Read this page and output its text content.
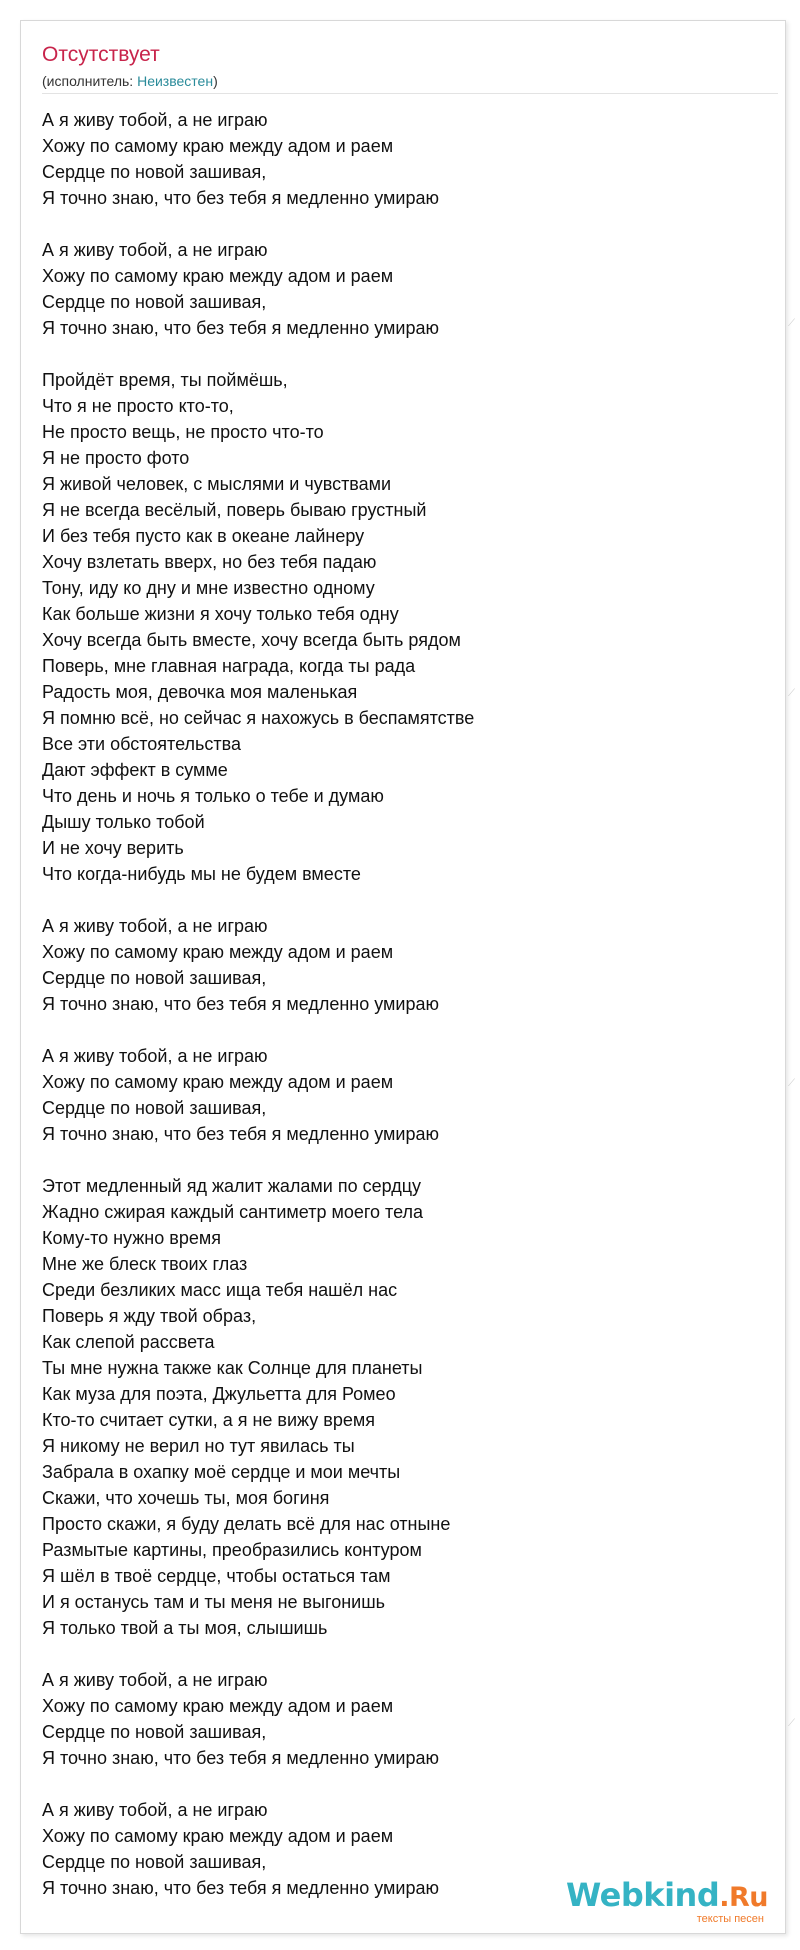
Отсутствует
(исполнитель: Неизвестен)
А я живу тобой, а не играю
Хожу по самому краю между адом и раем
Сердце по новой зашивая,
Я точно знаю, что без тебя я медленно умираю
А я живу тобой, а не играю
Хожу по самому краю между адом и раем
Сердце по новой зашивая,
Я точно знаю, что без тебя я медленно умираю
Пройдёт время, ты поймёшь,
Что я не просто кто-то,
Не просто вещь, не просто что-то
Я не просто фото
Я живой человек, с мыслями и чувствами
Я не всегда весёлый, поверь бываю грустный
И без тебя пусто как в океане лайнеру
Хочу взлетать вверх, но без тебя падаю
Тону, иду ко дну и мне известно одному
Как больше жизни я хочу только тебя одну
Хочу всегда быть вместе, хочу всегда быть рядом
Поверь, мне главная награда, когда ты рада
Радость моя, девочка моя маленькая
Я помню всё, но сейчас я нахожусь в беспамятстве
Все эти обстоятельства
Дают эффект в сумме
Что день и ночь я только о тебе и думаю
Дышу только тобой
И не хочу верить
Что когда-нибудь мы не будем вместе
А я живу тобой, а не играю
Хожу по самому краю между адом и раем
Сердце по новой зашивая,
Я точно знаю, что без тебя я медленно умираю
А я живу тобой, а не играю
Хожу по самому краю между адом и раем
Сердце по новой зашивая,
Я точно знаю, что без тебя я медленно умираю
Этот медленный яд жалит жалами по сердцу
Жадно сжирая каждый сантиметр моего тела
Кому-то нужно время
Мне же блеск твоих глаз
Среди безликих масс ища тебя нашёл нас
Поверь я жду твой образ,
Как слепой рассвета
Ты мне нужна также как Солнце для планеты
Как муза для поэта, Джульетта для Ромео
Кто-то считает сутки, а я не вижу время
Я никому не верил но тут явилась ты
Забрала в охапку моё сердце и мои мечты
Скажи, что хочешь ты, моя богиня
Просто скажи, я буду делать всё для нас отныне
Размытые картины, преобразились контуром
Я шёл в твоё сердце, чтобы остаться там
И я останусь там и ты меня не выгонишь
Я только твой а ты моя, слышишь
А я живу тобой, а не играю
Хожу по самому краю между адом и раем
Сердце по новой зашивая,
Я точно знаю, что без тебя я медленно умираю
А я живу тобой, а не играю
Хожу по самому краю между адом и раем
Сердце по новой зашивая,
Я точно знаю, что без тебя я медленно умираю	Webkind.Ru
тексты песен
⟋
⟋
⟋
⟋
